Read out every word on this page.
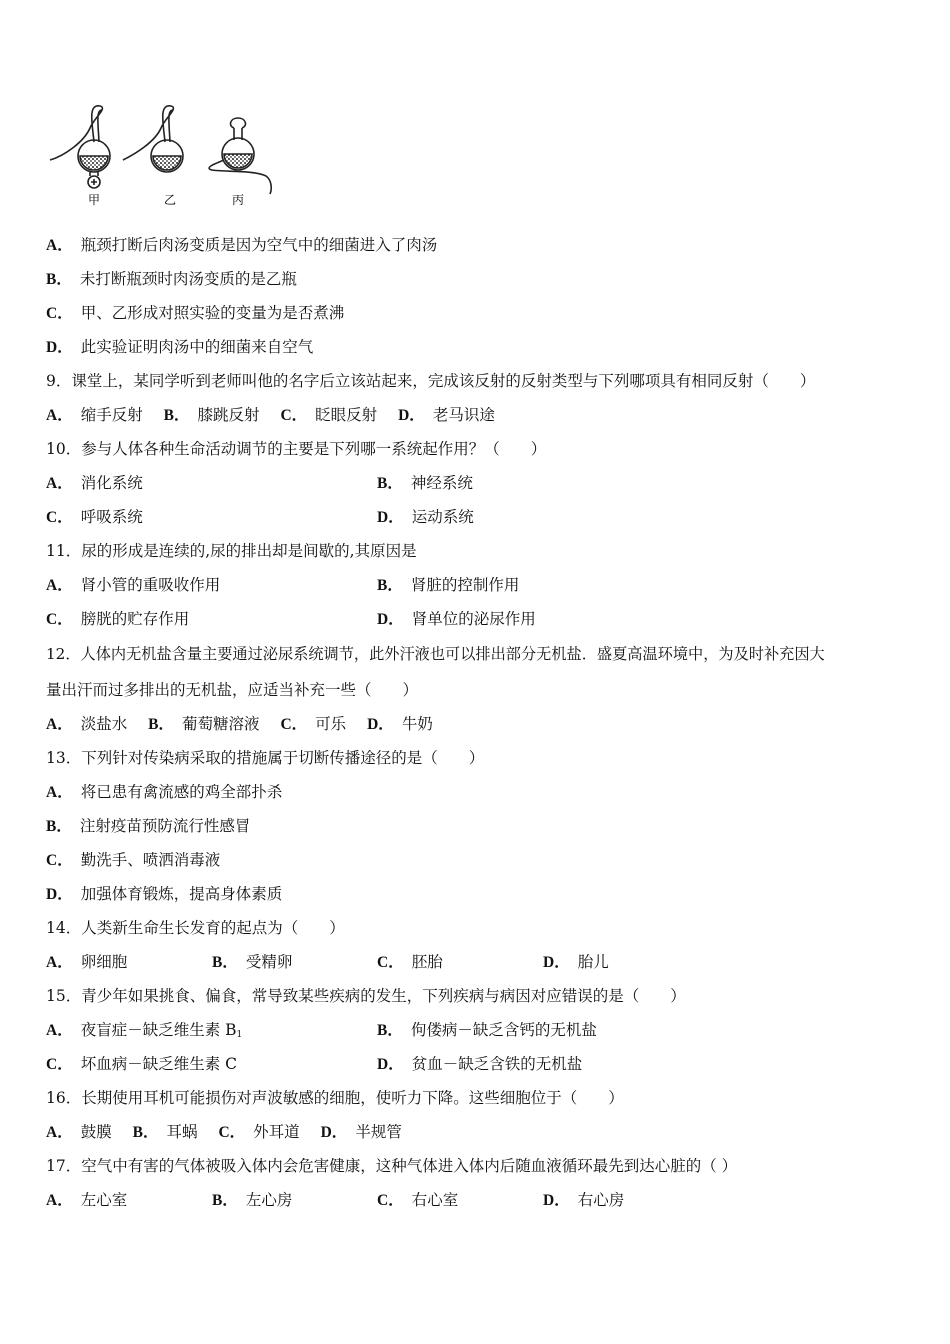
甲	乙	丙
A． 瓶颈打断后肉汤变质是因为空气中的细菌进入了肉汤
B． 未打断瓶颈时肉汤变质的是乙瓶
C． 甲、乙形成对照实验的变量为是否煮沸
D． 此实验证明肉汤中的细菌来自空气
9．课堂上，某同学听到老师叫他的名字后立该站起来，完成该反射的反射类型与下列哪项具有相同反射（　　）
A． 缩手反射 B． 膝跳反射 C． 眨眼反射 D． 老马识途
10．参与人体各种生命活动调节的主要是下列哪一系统起作用？（　　）
A． 消化系统	B． 神经系统
C． 呼吸系统	D． 运动系统
11．尿的形成是连续的,尿的排出却是间歇的,其原因是
A． 肾小管的重吸收作用	B． 肾脏的控制作用
C． 膀胱的贮存作用	D． 肾单位的泌尿作用
12．人体内无机盐含量主要通过泌尿系统调节，此外汗液也可以排出部分无机盐．盛夏高温环境中，为及时补充因大
量出汗而过多排出的无机盐，应适当补充一些（　　）
A． 淡盐水 B． 葡萄糖溶液 C． 可乐 D． 牛奶
13．下列针对传染病采取的措施属于切断传播途径的是（　　）
A． 将已患有禽流感的鸡全部扑杀
B． 注射疫苗预防流行性感冒
C． 勤洗手、喷洒消毒液
D． 加强体育锻炼，提高身体素质
14．人类新生命生长发育的起点为（　　）
A． 卵细胞	B． 受精卵	C． 胚胎	D． 胎儿
15．青少年如果挑食、偏食，常导致某些疾病的发生，下列疾病与病因对应错误的是（　　）
A． 夜盲症－缺乏维生素 $B_1$	B． 佝偻病－缺乏含钙的无机盐
C． 坏血病－缺乏维生素 C	D． 贫血－缺乏含铁的无机盐
16．长期使用耳机可能损伤对声波敏感的细胞，使听力下降。这些细胞位于（　　）
A． 鼓膜 B． 耳蜗 C． 外耳道 D． 半规管
17．空气中有害的气体被吸入体内会危害健康，这种气体进入体内后随血液循环最先到达心脏的（ ）
A． 左心室	B． 左心房	C． 右心室	D． 右心房
